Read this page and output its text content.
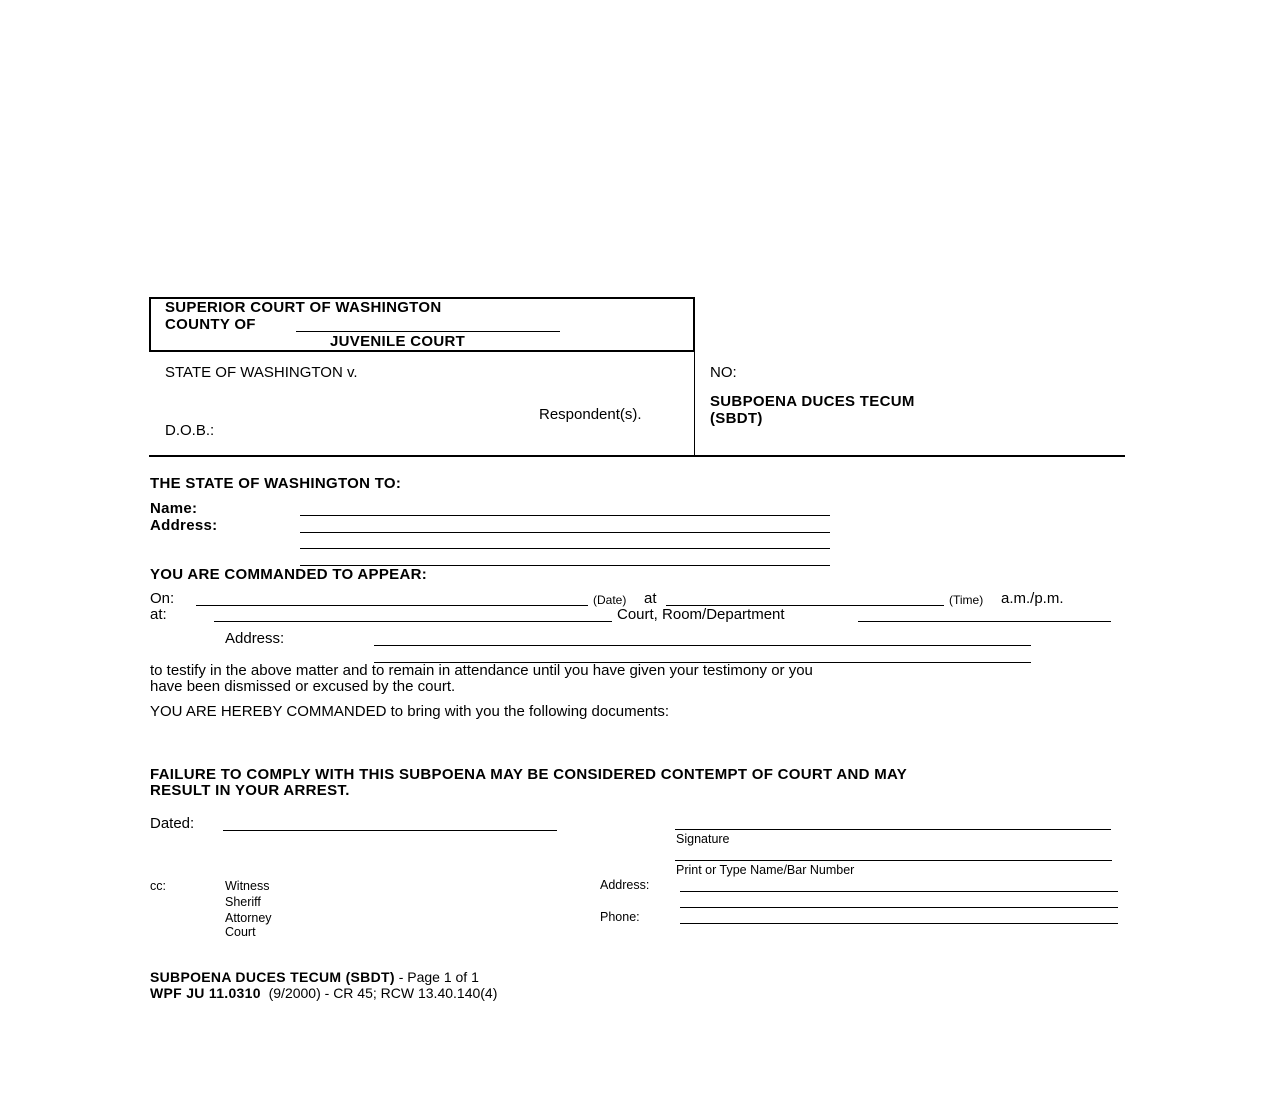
SUPERIOR COURT OF WASHINGTON
COUNTY OF
JUVENILE COURT
STATE OF WASHINGTON v.
Respondent(s).
D.O.B.:
NO:
SUBPOENA DUCES TECUM
(SBDT)
THE STATE OF WASHINGTON TO:
Name:
Address:
YOU ARE COMMANDED TO APPEAR:
On:	(Date) at	(Time) a.m./p.m.
at:	Court, Room/Department
Address:
to testify in the above matter and to remain in attendance until you have given your testimony or you
have been dismissed or excused by the court.
YOU ARE HEREBY COMMANDED to bring with you the following documents:
FAILURE TO COMPLY WITH THIS SUBPOENA MAY BE CONSIDERED CONTEMPT OF COURT AND MAY
RESULT IN YOUR ARREST.
Dated:
Signature
Print or Type Name/Bar Number
cc:	Witness
Sheriff
Attorney
Court
Address:
Phone:
SUBPOENA DUCES TECUM (SBDT) - Page 1 of 1
WPF JU 11.0310  (9/2000) - CR 45; RCW 13.40.140(4)
